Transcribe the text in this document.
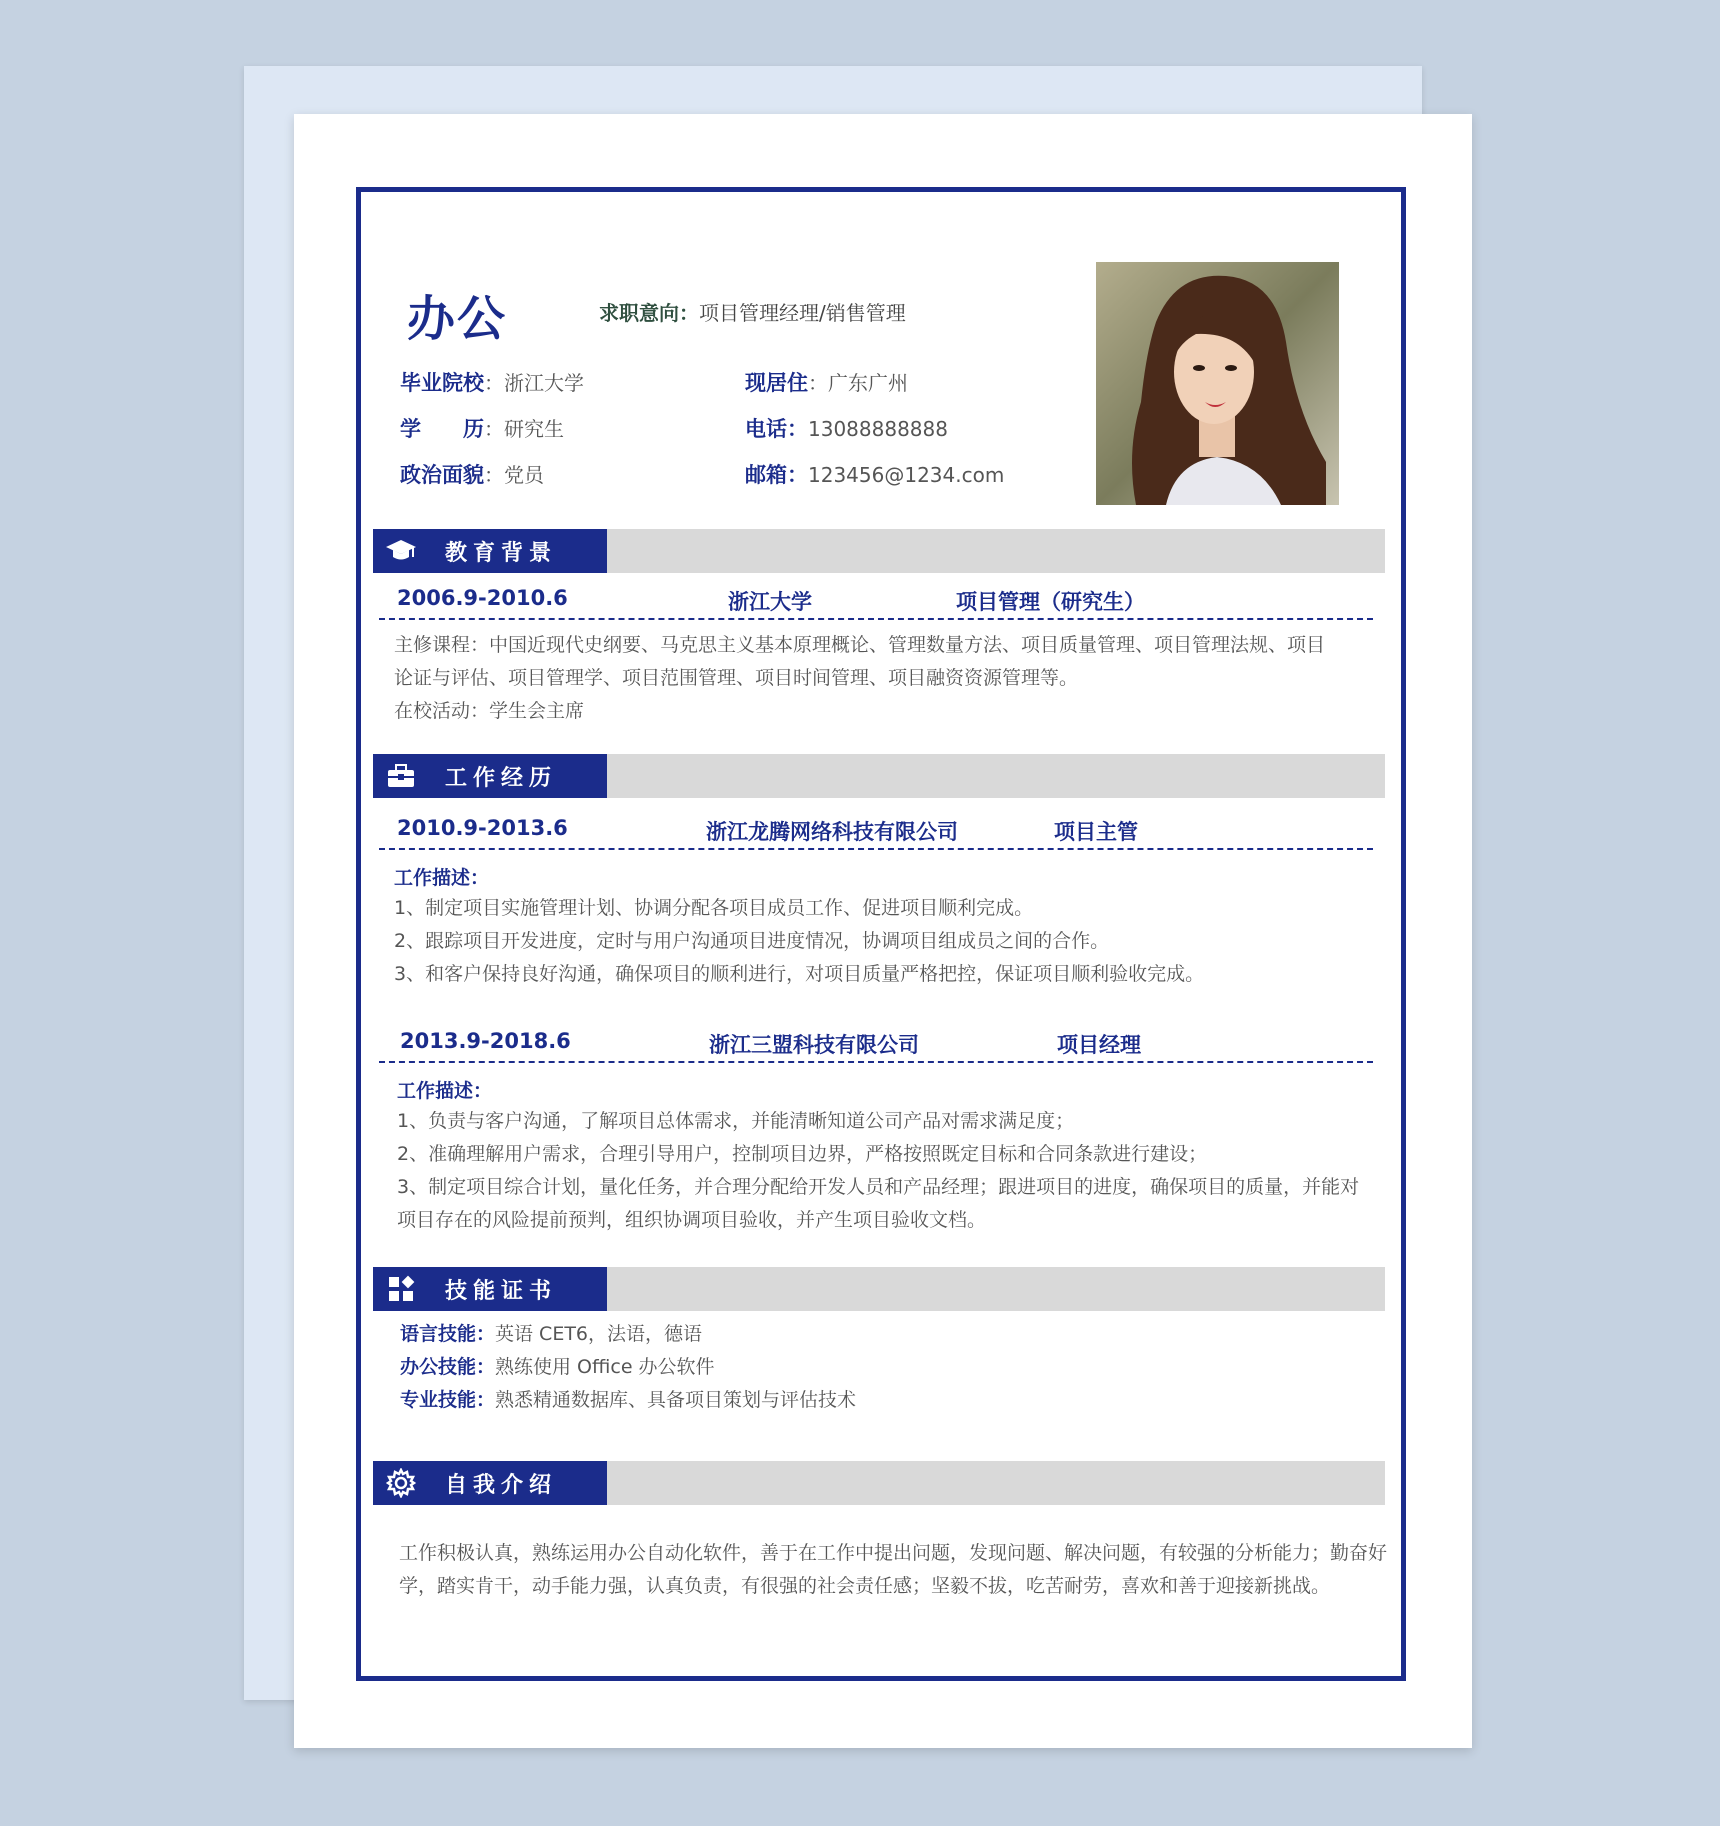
办公	求职意向：项目管理经理/销售管理
毕业院校：浙江大学
学　　历：研究生
政治面貌：党员
现居住：广东广州
电话：13088888888
邮箱：123456@1234.com
教育背景
2006.9-2010.6	浙江大学	项目管理（研究生）
主修课程：中国近现代史纲要、马克思主义基本原理概论、管理数量方法、项目质量管理、项目管理法规、项目
论证与评估、项目管理学、项目范围管理、项目时间管理、项目融资资源管理等。
在校活动：学生会主席
工作经历
2010.9-2013.6	浙江龙腾网络科技有限公司	项目主管
工作描述：
1、制定项目实施管理计划、协调分配各项目成员工作、促进项目顺利完成。
2、跟踪项目开发进度，定时与用户沟通项目进度情况，协调项目组成员之间的合作。
3、和客户保持良好沟通，确保项目的顺利进行，对项目质量严格把控，保证项目顺利验收完成。
2013.9-2018.6	浙江三盟科技有限公司	项目经理
工作描述：
1、负责与客户沟通，了解项目总体需求，并能清晰知道公司产品对需求满足度；
2、准确理解用户需求，合理引导用户，控制项目边界，严格按照既定目标和合同条款进行建设；
3、制定项目综合计划，量化任务，并合理分配给开发人员和产品经理；跟进项目的进度，确保项目的质量，并能对
项目存在的风险提前预判，组织协调项目验收，并产生项目验收文档。
技能证书
语言技能：英语 CET6，法语，德语
办公技能：熟练使用 Office 办公软件
专业技能：熟悉精通数据库、具备项目策划与评估技术
自我介绍
工作积极认真，熟练运用办公自动化软件，善于在工作中提出问题，发现问题、解决问题，有较强的分析能力；勤奋好
学，踏实肯干，动手能力强，认真负责，有很强的社会责任感；坚毅不拔，吃苦耐劳，喜欢和善于迎接新挑战。
